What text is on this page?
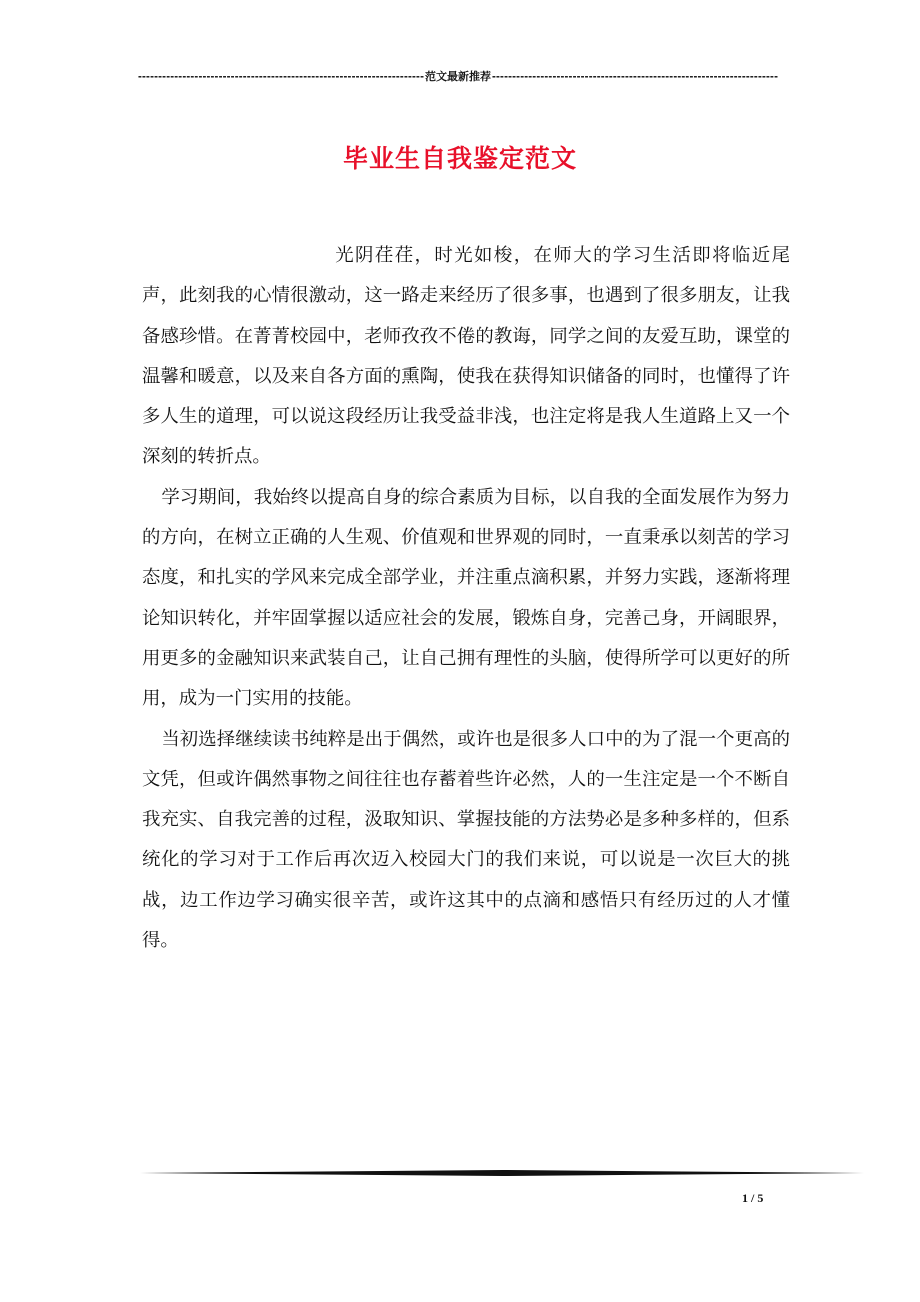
-----
范文最新推荐
-----
毕业生自我鉴定范文

光阴荏荏，时光如梭，在师大的学习生活即将临近尾声，此刻我的心情很激动，这一路走来经历了很多事，也遇到了很多朋友，让我备感珍惜。在菁菁校园中，老师孜孜不倦的教诲，同学之间的友爱互助，课堂的温馨和暖意，以及来自各方面的熏陶，使我在获得知识储备的同时，也懂得了许多人生的道理，可以说这段经历让我受益非浅，也注定将是我人生道路上又一个深刻的转折点。

学习期间，我始终以提高自身的综合素质为目标，以自我的全面发展作为努力的方向，在树立正确的人生观、价值观和世界观的同时，一直秉承以刻苦的学习态度，和扎实的学风来完成全部学业，并注重点滴积累，并努力实践，逐渐将理论知识转化，并牢固掌握以适应社会的发展，锻炼自身，完善己身，开阔眼界，用更多的金融知识来武装自己，让自己拥有理性的头脑，使得所学可以更好的所用，成为一门实用的技能。

当初选择继续读书纯粹是出于偶然，或许也是很多人口中的为了混一个更高的文凭，但或许偶然事物之间往往也存蓄着些许必然，人的一生注定是一个不断自我充实、自我完善的过程，汲取知识、掌握技能的方法势必是多种多样的，但系统化的学习对于工作后再次迈入校园大门的我们来说，可以说是一次巨大的挑战，边工作边学习确实很辛苦，或许这其中的点滴和感悟只有经历过的人才懂得。

1 / 5
